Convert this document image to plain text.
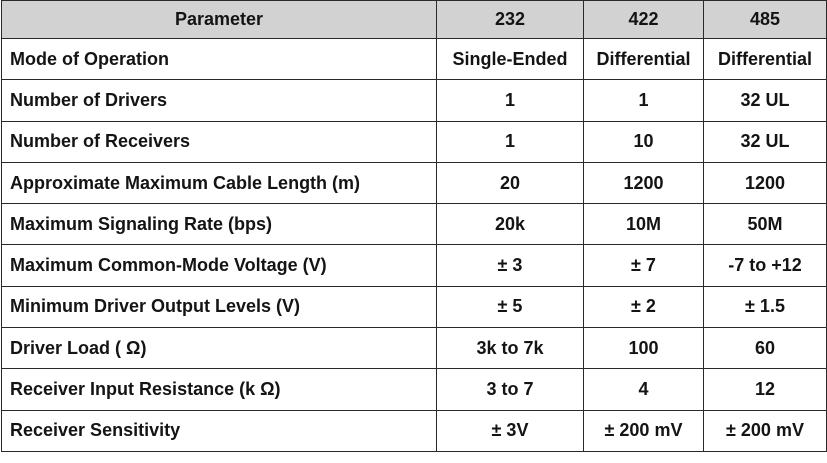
Parameter	232	422	485
Mode of Operation	Single-Ended	Differential	Differential
Number of Drivers	1	1	32 UL
Number of Receivers	1	10	32 UL
Approximate Maximum Cable Length (m)	20	1200	1200
Maximum Signaling Rate (bps)	20k	10M	50M
Maximum Common-Mode Voltage (V)	± 3	± 7	-7 to +12
Minimum Driver Output Levels (V)	± 5	± 2	± 1.5
Driver Load ( Ω)	3k to 7k	100	60
Receiver Input Resistance (k Ω)	3 to 7	4	12
Receiver Sensitivity	± 3V	± 200 mV	± 200 mV
